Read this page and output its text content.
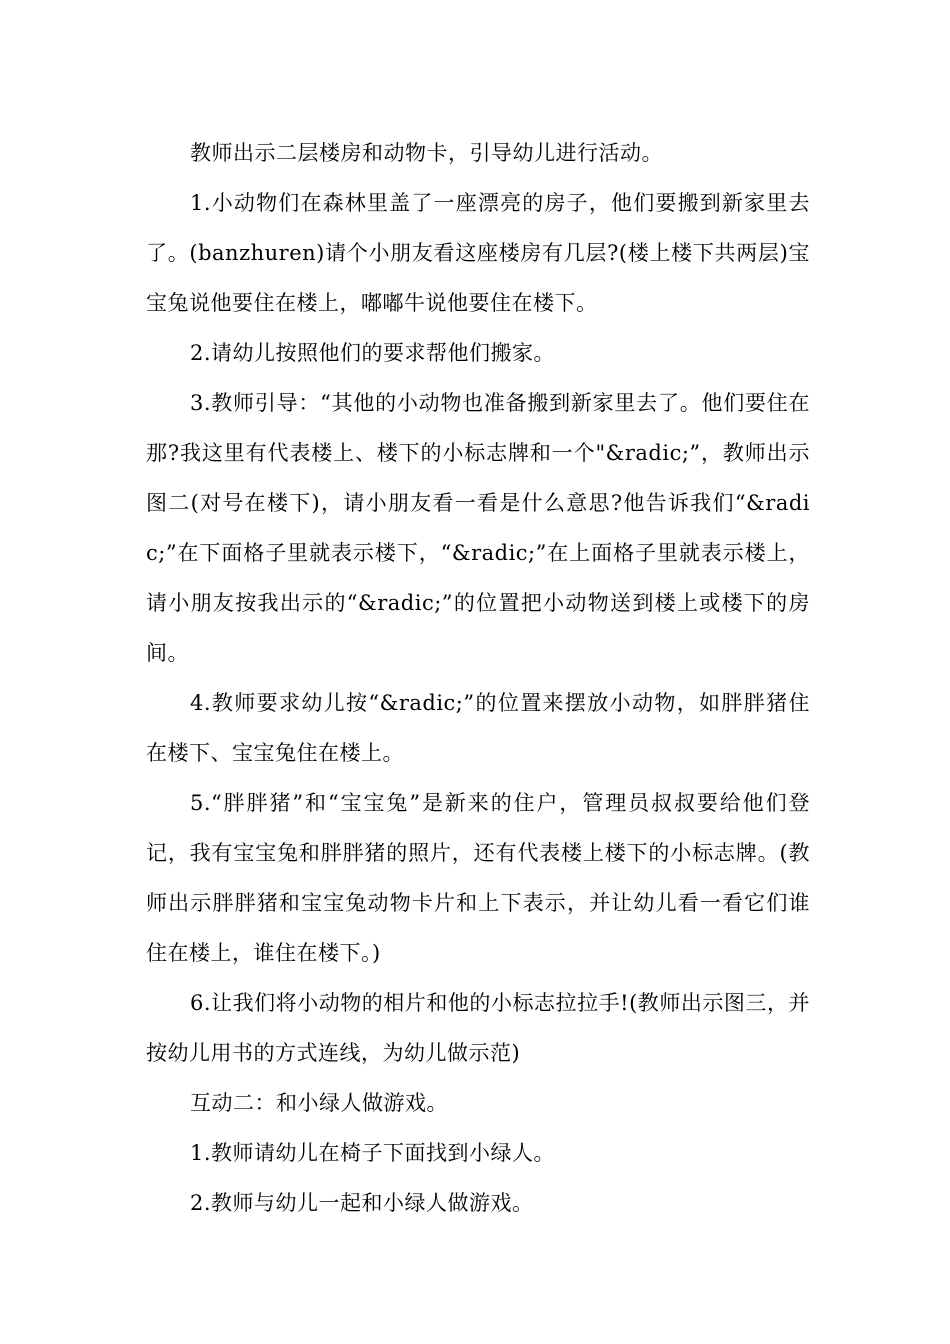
教师出示二层楼房和动物卡，引导幼儿进行活动。

1.小动物们在森林里盖了一座漂亮的房子，他们要搬到新家里去了。(banzhuren)请个小朋友看这座楼房有几层?(楼上楼下共两层)宝宝兔说他要住在楼上，嘟嘟牛说他要住在楼下。

2.请幼儿按照他们的要求帮他们搬家。

3.教师引导：“其他的小动物也准备搬到新家里去了。他们要住在那?我这里有代表楼上、楼下的小标志牌和一个"&radic;”，教师出示图二(对号在楼下)，请小朋友看一看是什么意思?他告诉我们“&radic;”在下面格子里就表示楼下，“&radic;”在上面格子里就表示楼上，请小朋友按我出示的“&radic;”的位置把小动物送到楼上或楼下的房间。

4.教师要求幼儿按“&radic;”的位置来摆放小动物，如胖胖猪住在楼下、宝宝兔住在楼上。

5.“胖胖猪”和“宝宝兔”是新来的住户，管理员叔叔要给他们登记，我有宝宝兔和胖胖猪的照片，还有代表楼上楼下的小标志牌。(教师出示胖胖猪和宝宝兔动物卡片和上下表示，并让幼儿看一看它们谁住在楼上，谁住在楼下。)

6.让我们将小动物的相片和他的小标志拉拉手!(教师出示图三，并按幼儿用书的方式连线，为幼儿做示范)

互动二：和小绿人做游戏。

1.教师请幼儿在椅子下面找到小绿人。

2.教师与幼儿一起和小绿人做游戏。
